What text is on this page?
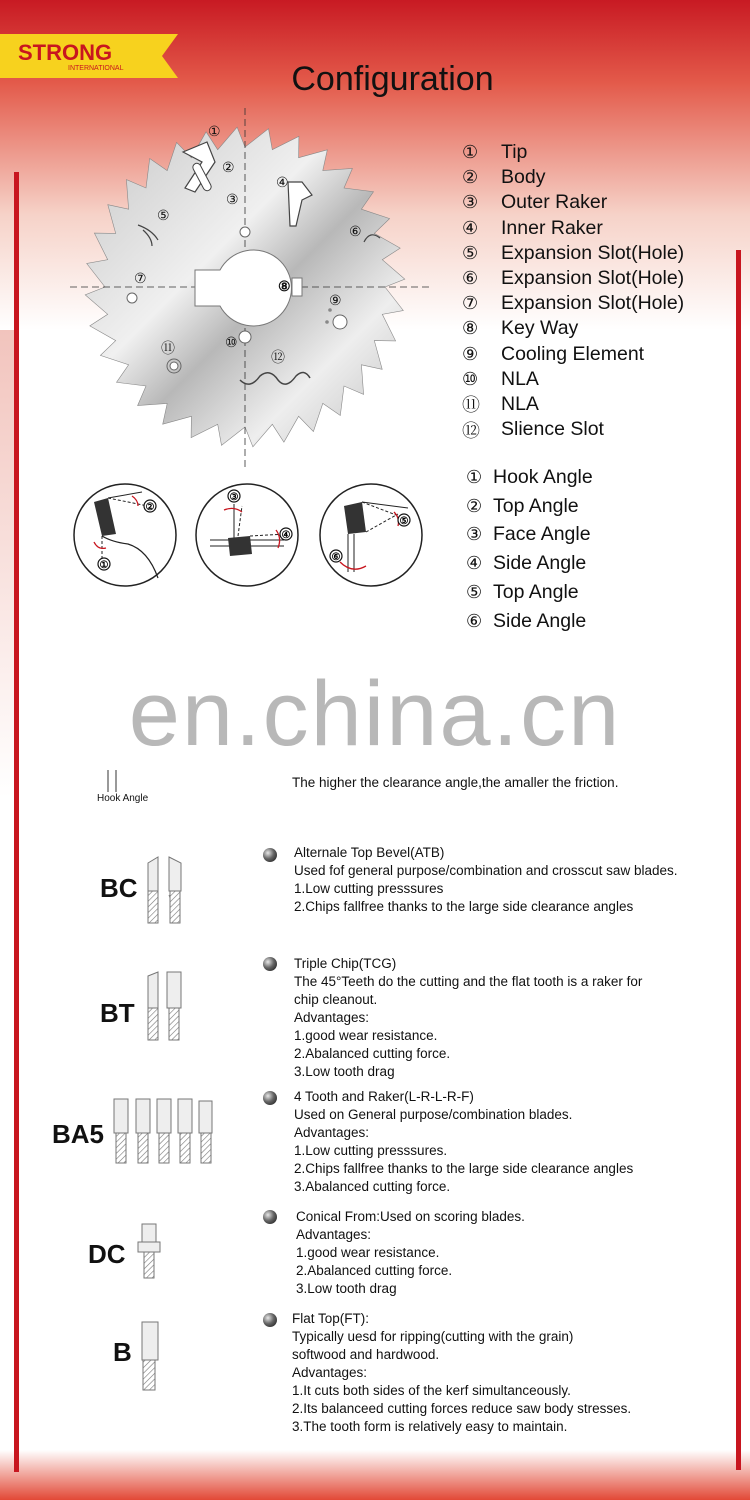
STRONG
INTERNATIONAL	Configuration
①
②
③
④
⑤
⑥
⑦	⑧
⑨
⑩
⑪
⑫
①	Tip
②	Body
③	Outer Raker
④	Inner Raker
⑤	Expansion Slot(Hole)
⑥	Expansion Slot(Hole)
⑦	Expansion Slot(Hole)
⑧	Key Way
⑨	Cooling Element
⑩	NLA
⑪	NLA
⑫	Slience Slot
②
①
③
④
⑤
⑥
① Hook Angle
② Top Angle
③ Face Angle
④ Side Angle
⑤ Top Angle
⑥ Side Angle
en.china.cn
Hook Angle
The higher the clearance angle,the amaller the friction.
BC
Alternale Top Bevel(ATB)
Used fof general purpose/combination and crosscut saw blades.
1.Low cutting presssures
2.Chips fallfree thanks to the large side clearance angles
BT
Triple Chip(TCG)
The 45°Teeth do the cutting and the flat tooth is a raker for
chip cleanout.
Advantages:
1.good wear resistance.
2.Abalanced cutting force.
3.Low tooth drag
BA5
4 Tooth and Raker(L-R-L-R-F)
Used on General purpose/combination blades.
Advantages:
1.Low cutting presssures.
2.Chips fallfree thanks to the large side clearance angles
3.Abalanced cutting force.
DC
Conical From:Used on scoring blades.
Advantages:
1.good wear resistance.
2.Abalanced cutting force.
3.Low tooth drag
B
Flat Top(FT):
Typically uesd for ripping(cutting with the grain)
softwood and hardwood.
Advantages:
1.It cuts both sides of the kerf simultanceously.
2.Its balanceed cutting forces reduce saw body stresses.
3.The tooth form is relatively easy to maintain.
